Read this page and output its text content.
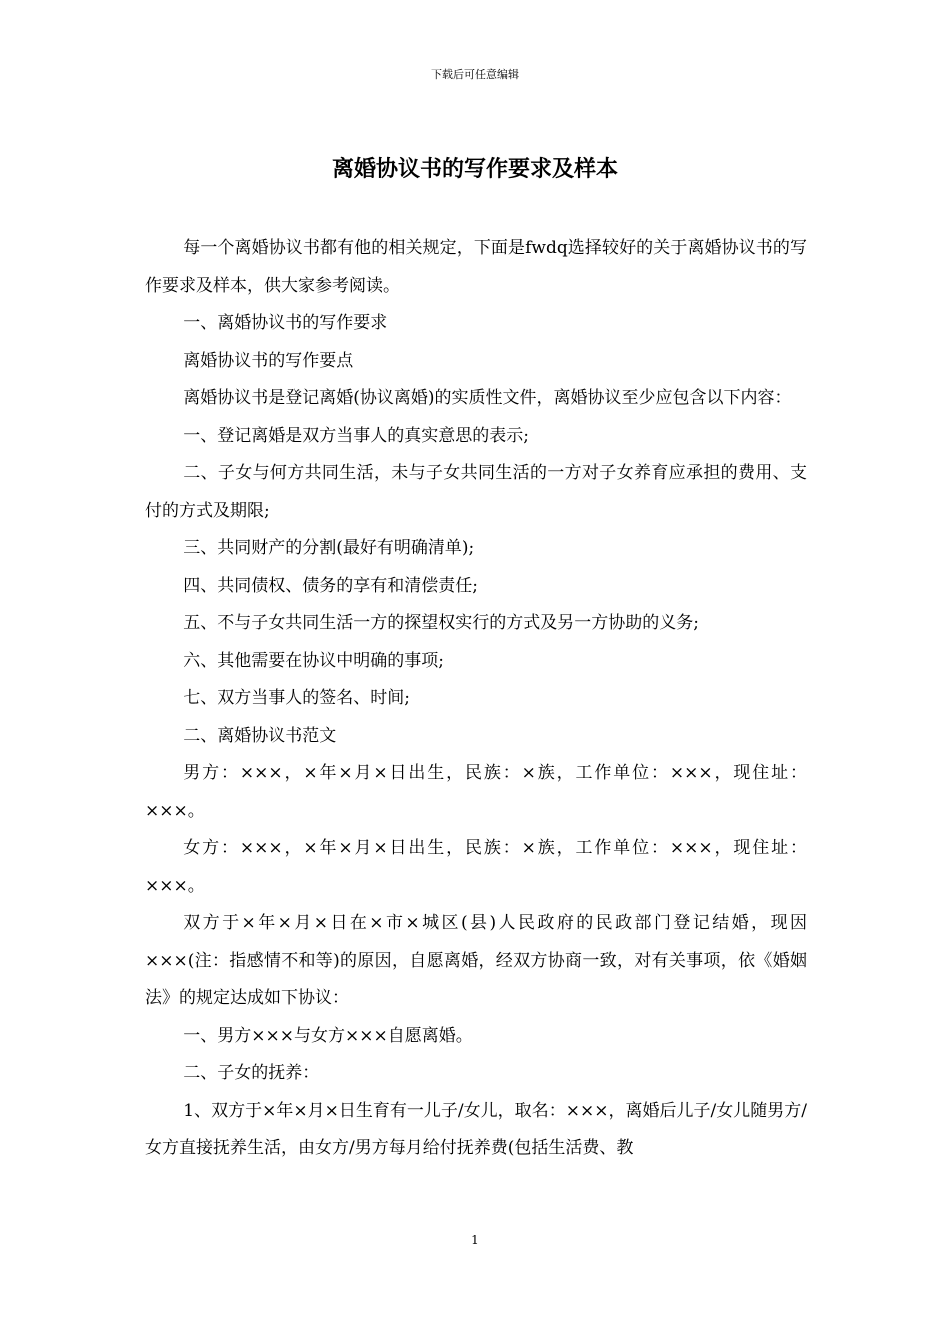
下载后可任意编辑
离婚协议书的写作要求及样本

每一个离婚协议书都有他的相关规定，下面是fwdq选择较好的关于离婚协议书的写作要求及样本，供大家参考阅读。

一、离婚协议书的写作要求

离婚协议书的写作要点

离婚协议书是登记离婚(协议离婚)的实质性文件，离婚协议至少应包含以下内容：

一、登记离婚是双方当事人的真实意思的表示;

二、子女与何方共同生活，未与子女共同生活的一方对子女养育应承担的费用、支付的方式及期限;

三、共同财产的分割(最好有明确清单);

四、共同债权、债务的享有和清偿责任;

五、不与子女共同生活一方的探望权实行的方式及另一方协助的义务;

六、其他需要在协议中明确的事项;

七、双方当事人的签名、时间;

二、离婚协议书范文

男方：×××，×年×月×日出生，民族：×族，工作单位：×××，现住址：×××。

女方：×××，×年×月×日出生，民族：×族，工作单位：×××，现住址：×××。

双方于×年×月×日在×市×城区(县)人民政府的民政部门登记结婚，现因×××(注：指感情不和等)的原因，自愿离婚，经双方协商一致，对有关事项，依《婚姻法》的规定达成如下协议：

一、男方×××与女方×××自愿离婚。

二、子女的抚养：

1、双方于×年×月×日生育有一儿子/女儿，取名：×××，离婚后儿子/女儿随男方/女方直接抚养生活，由女方/男方每月给付抚养费(包括生活费、教

1
